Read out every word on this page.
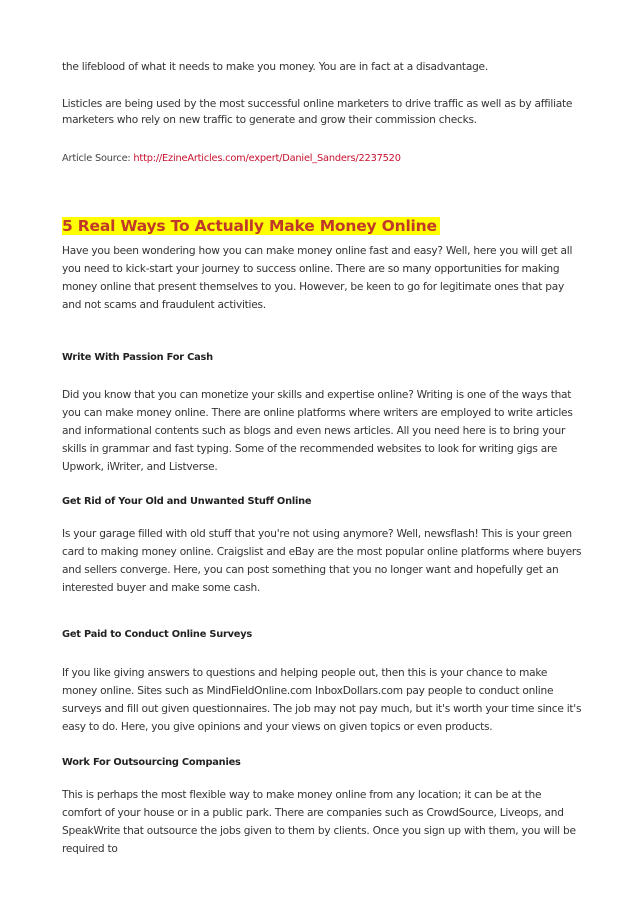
the lifeblood of what it needs to make you money. You are in fact at a disadvantage.

Listicles are being used by the most successful online marketers to drive traffic as well as by affiliate marketers who rely on new traffic to generate and grow their commission checks.

Article Source: http://EzineArticles.com/expert/Daniel_Sanders/2237520
5 Real Ways To Actually Make Money Online

Have you been wondering how you can make money online fast and easy? Well, here you will get all you need to kick-start your journey to success online. There are so many opportunities for making money online that present themselves to you. However, be keen to go for legitimate ones that pay and not scams and fraudulent activities.

Write With Passion For Cash

Did you know that you can monetize your skills and expertise online? Writing is one of the ways that you can make money online. There are online platforms where writers are employed to write articles and informational contents such as blogs and even news articles. All you need here is to bring your skills in grammar and fast typing. Some of the recommended websites to look for writing gigs are Upwork, iWriter, and Listverse.

Get Rid of Your Old and Unwanted Stuff Online

Is your garage filled with old stuff that you're not using anymore? Well, newsflash! This is your green card to making money online. Craigslist and eBay are the most popular online platforms where buyers and sellers converge. Here, you can post something that you no longer want and hopefully get an interested buyer and make some cash.

Get Paid to Conduct Online Surveys

If you like giving answers to questions and helping people out, then this is your chance to make money online. Sites such as MindFieldOnline.com InboxDollars.com pay people to conduct online surveys and fill out given questionnaires. The job may not pay much, but it's worth your time since it's easy to do. Here, you give opinions and your views on given topics or even products.

Work For Outsourcing Companies

This is perhaps the most flexible way to make money online from any location; it can be at the comfort of your house or in a public park. There are companies such as CrowdSource, Liveops, and SpeakWrite that outsource the jobs given to them by clients. Once you sign up with them, you will be required to
